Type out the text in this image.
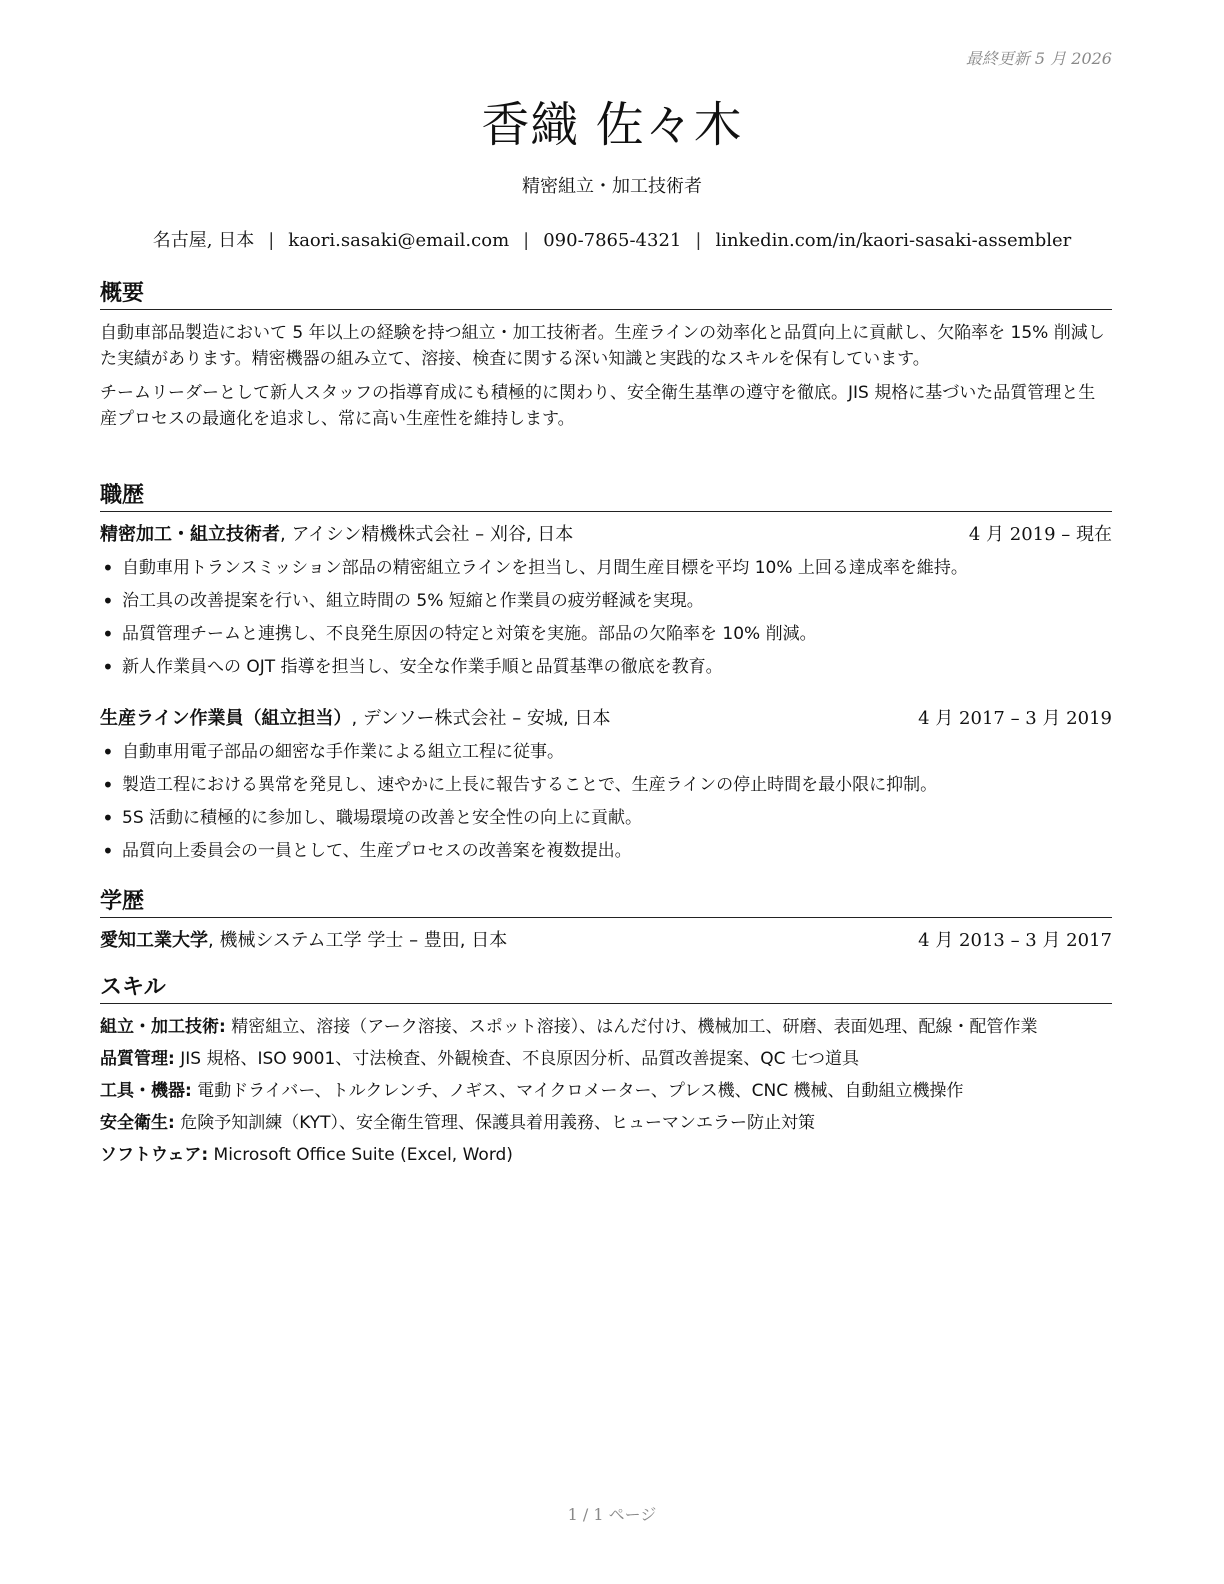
最終更新 5 月 2026
香織 佐々木
精密組立・加工技術者
名古屋, 日本 | kaori.sasaki@email.com | 090-7865-4321 | linkedin.com/in/kaori-sasaki-assembler
概要

自動車部品製造において 5 年以上の経験を持つ組立・加工技術者。生産ラインの効率化と品質向上に貢献し、欠陥率を 15% 削減した実績があります。精密機器の組み立て、溶接、検査に関する深い知識と実践的なスキルを保有しています。

チームリーダーとして新人スタッフの指導育成にも積極的に関わり、安全衛生基準の遵守を徹底。JIS 規格に基づいた品質管理と生産プロセスの最適化を追求し、常に高い生産性を維持します。

職歴
精密加工・組立技術者, アイシン精機株式会社 – 刈谷, 日本	4 月 2019 – 現在
• 自動車用トランスミッション部品の精密組立ラインを担当し、月間生産目標を平均 10% 上回る達成率を維持。
• 治工具の改善提案を行い、組立時間の 5% 短縮と作業員の疲労軽減を実現。
• 品質管理チームと連携し、不良発生原因の特定と対策を実施。部品の欠陥率を 10% 削減。
• 新人作業員への OJT 指導を担当し、安全な作業手順と品質基準の徹底を教育。
生産ライン作業員（組立担当）, デンソー株式会社 – 安城, 日本	4 月 2017 – 3 月 2019
• 自動車用電子部品の細密な手作業による組立工程に従事。
• 製造工程における異常を発見し、速やかに上長に報告することで、生産ラインの停止時間を最小限に抑制。
• 5S 活動に積極的に参加し、職場環境の改善と安全性の向上に貢献。
• 品質向上委員会の一員として、生産プロセスの改善案を複数提出。
学歴
愛知工業大学, 機械システム工学 学士 – 豊田, 日本	4 月 2013 – 3 月 2017
スキル

組立・加工技術: 精密組立、溶接（アーク溶接、スポット溶接）、はんだ付け、機械加工、研磨、表面処理、配線・配管作業

品質管理: JIS 規格、ISO 9001、寸法検査、外観検査、不良原因分析、品質改善提案、QC 七つ道具

工具・機器: 電動ドライバー、トルクレンチ、ノギス、マイクロメーター、プレス機、CNC 機械、自動組立機操作

安全衛生: 危険予知訓練（KYT）、安全衛生管理、保護具着用義務、ヒューマンエラー防止対策

ソフトウェア: Microsoft Office Suite (Excel, Word)

1 / 1 ページ
